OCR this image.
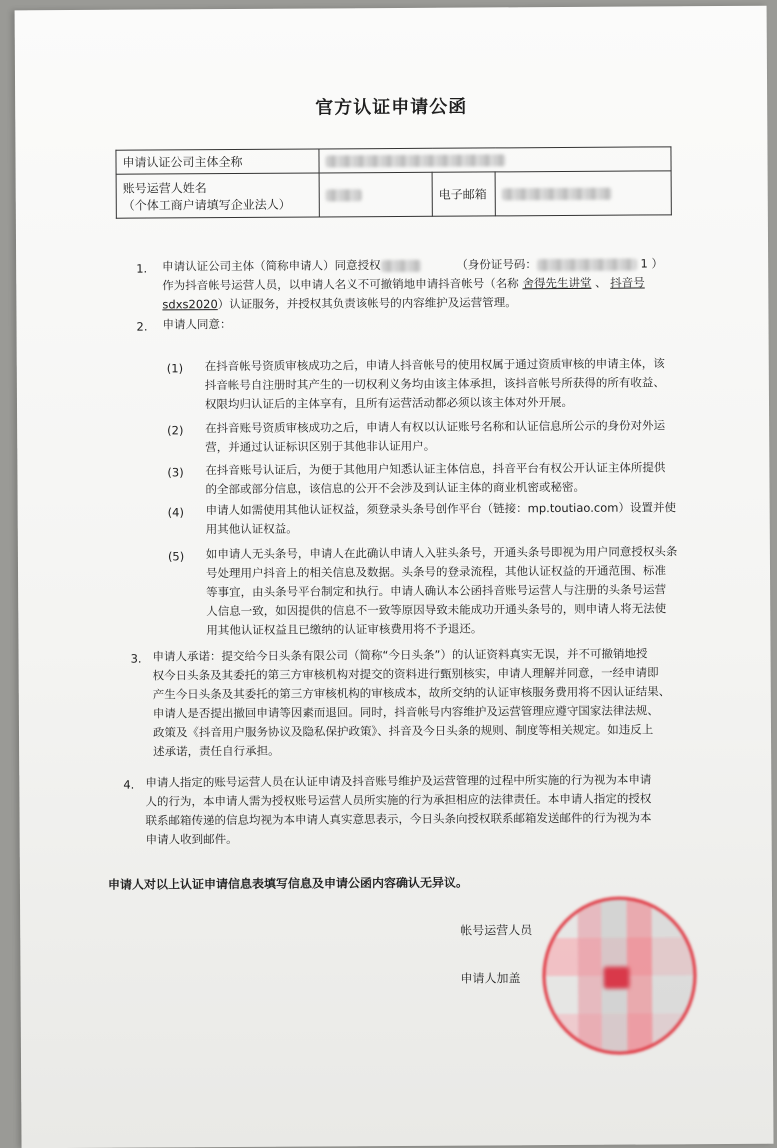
官方认证申请公函
申请认证公司主体全称			

账号运营人姓名
（个体工商户请填写企业法人）		电子邮箱	
1. 申请认证公司主体（简称申请人）同意授权	（身份证号码：	1 ）
作为抖音帐号运营人员，以申请人名义不可撤销地申请抖音帐号（名称 舍得先生讲堂 、 抖音号
sdxs2020）认证服务，并授权其负责该帐号的内容维护及运营管理。
2. 申请人同意：
(1) 在抖音帐号资质审核成功之后，申请人抖音帐号的使用权属于通过资质审核的申请主体，该
抖音帐号自注册时其产生的一切权利义务均由该主体承担，该抖音帐号所获得的所有收益、
权限均归认证后的主体享有，且所有运营活动都必须以该主体对外开展。
(2) 在抖音账号资质审核成功之后，申请人有权以认证账号名称和认证信息所公示的身份对外运
营，并通过认证标识区别于其他非认证用户。
(3) 在抖音账号认证后，为便于其他用户知悉认证主体信息，抖音平台有权公开认证主体所提供
的全部或部分信息，该信息的公开不会涉及到认证主体的商业机密或秘密。
(4) 申请人如需使用其他认证权益，须登录头条号创作平台（链接：mp.toutiao.com）设置并使
用其他认证权益。
(5) 如申请人无头条号，申请人在此确认申请人入驻头条号，开通头条号即视为用户同意授权头条
号处理用户抖音上的相关信息及数据。头条号的登录流程，其他认证权益的开通范围、标准
等事宜，由头条号平台制定和执行。申请人确认本公函抖音账号运营人与注册的头条号运营
人信息一致，如因提供的信息不一致等原因导致未能成功开通头条号的，则申请人将无法使
用其他认证权益且已缴纳的认证审核费用将不予退还。
3. 申请人承诺：提交给今日头条有限公司（简称“今日头条”）的认证资料真实无误，并不可撤销地授
权今日头条及其委托的第三方审核机构对提交的资料进行甄别核实，申请人理解并同意，一经申请即
产生今日头条及其委托的第三方审核机构的审核成本，故所交纳的认证审核服务费用将不因认证结果、
申请人是否提出撤回申请等因素而退回。同时，抖音帐号内容维护及运营管理应遵守国家法律法规、
政策及《抖音用户服务协议及隐私保护政策》、抖音及今日头条的规则、制度等相关规定。如违反上
述承诺，责任自行承担。
4. 申请人指定的账号运营人员在认证申请及抖音账号维护及运营管理的过程中所实施的行为视为本申请
人的行为，本申请人需为授权账号运营人员所实施的行为承担相应的法律责任。本申请人指定的授权
联系邮箱传递的信息均视为本申请人真实意思表示，今日头条向授权联系邮箱发送邮件的行为视为本
申请人收到邮件。
申请人对以上认证申请信息表填写信息及申请公函内容确认无异议。
帐号运营人员
申请人加盖
